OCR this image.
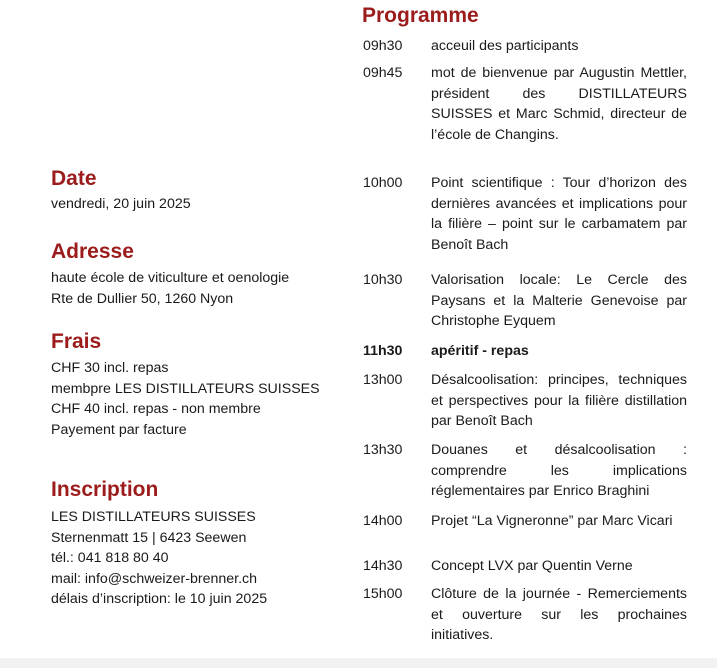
Date

vendredi, 20 juin 2025

Adresse
haute école de viticulture et oenologie
Rte de Dullier 50, 1260 Nyon
Frais
CHF 30 incl. repas
membpre LES DISTILLATEURS SUISSES
CHF 40 incl. repas - non membre
Payement par facture
Inscription
LES DISTILLATEURS SUISSES
Sternenmatt 15 | 6423 Seewen
tél.: 041 818 80 40
mail: info@schweizer-brenner.ch
délais d’inscription: le 10 juin 2025
Programme
09h30	acceuil des participants
09h45	mot de bienvenue par Augustin Mettler, président des DISTILLATEURS SUISSES et Marc Schmid, directeur de l’école de Changins.
10h00	Point scientifique : Tour d’horizon des dernières avancées et implications pour la filière – point sur le carbamatem par Benoît Bach
10h30	Valorisation locale: Le Cercle des Paysans et la Malterie Genevoise par Christophe Eyquem
11h30	apéritif - repas
13h00	Désalcoolisation: principes, techniques et perspectives pour la filière distillation par Benoît Bach
13h30	Douanes et désalcoolisation : comprendre les implications réglementaires par Enrico Braghini
14h00	Projet “La Vigneronne” par Marc Vicari
14h30	Concept LVX par Quentin Verne
15h00	Clôture de la journée - Remerciements et ouverture sur les prochaines initiatives.
